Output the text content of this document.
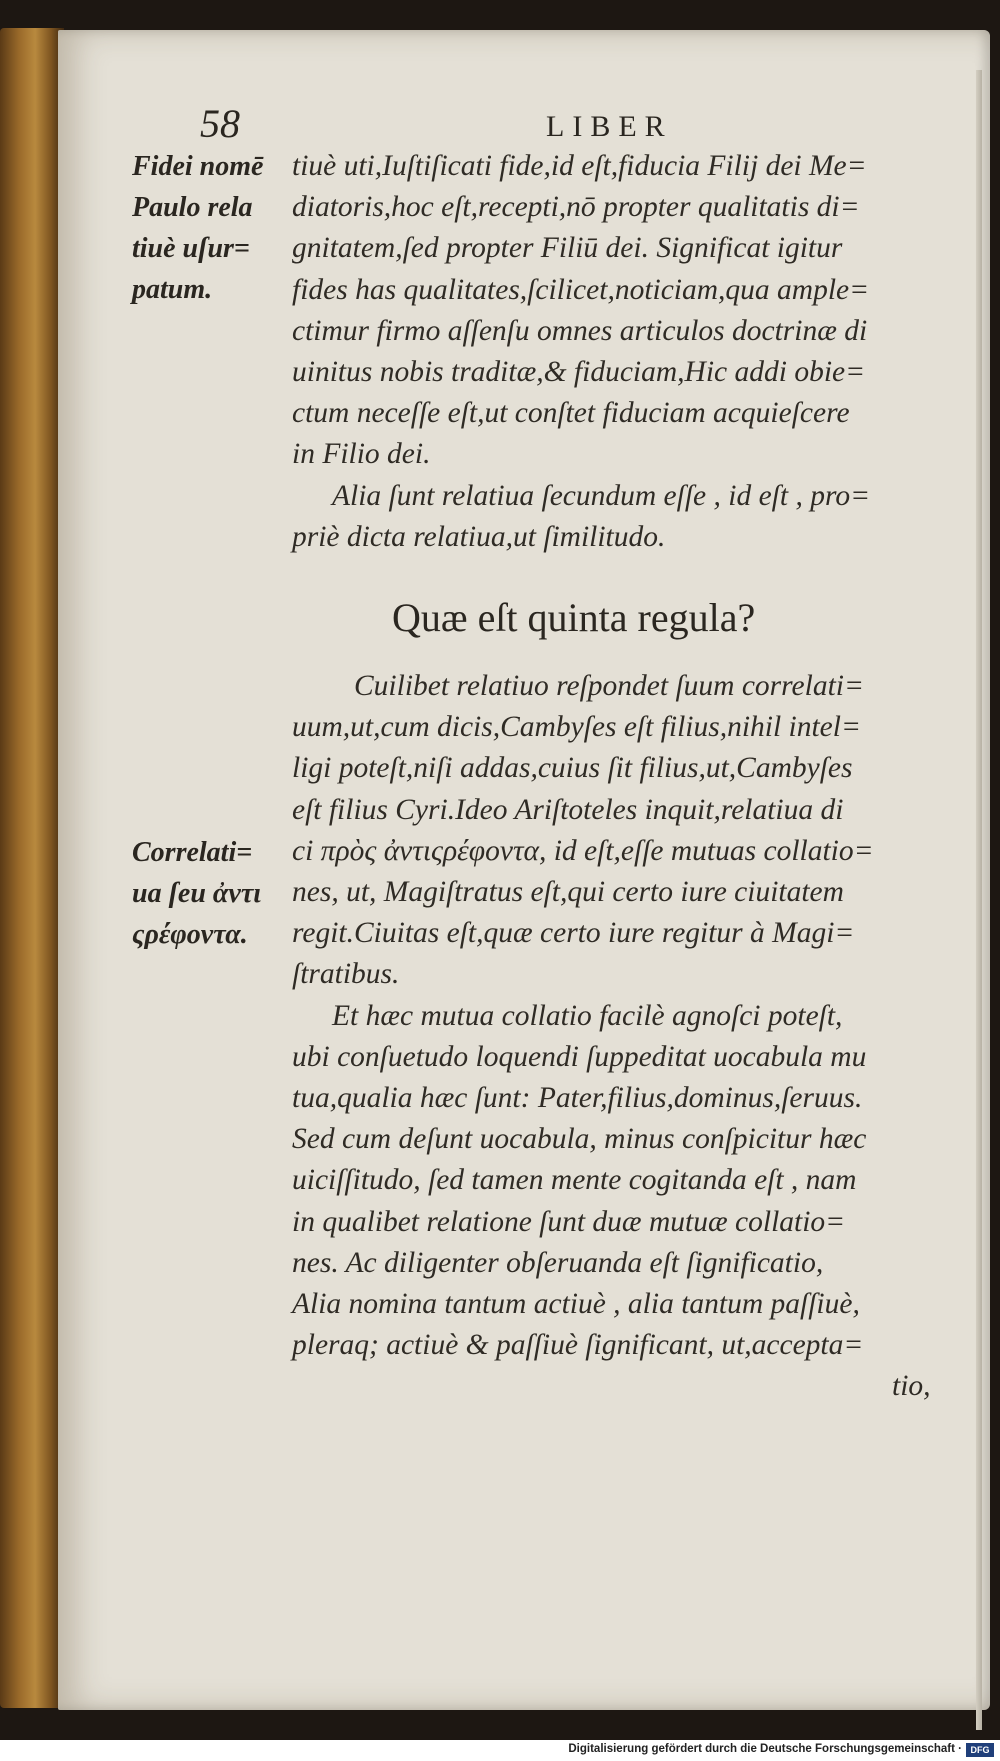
58	LIBER
Fidei nomē
Paulo rela
tiuè uſur=
patum.
tiuè uti,Iuſtiſicati fide,id eſt,fiducia Filij dei Me=
diatoris,hoc eſt,recepti,nō propter qualitatis di=
gnitatem,ſed propter Filiū dei. Significat igitur
fides has qualitates,ſcilicet,noticiam,qua ample=
ctimur firmo aſſenſu omnes articulos doctrinæ di
uinitus nobis traditæ,& fiduciam,Hic addi obie=
ctum neceſſe eſt,ut conſtet fiduciam acquieſcere
in Filio dei.
Alia ſunt relatiua ſecundum eſſe , id eſt , pro=
priè dicta relatiua,ut ſimilitudo.
Quæ eſt quinta regula?
Correlati=
ua ſeu ἀντι
ςρέφοντα.
Cuilibet relatiuo reſpondet ſuum correlati=
uum,ut,cum dicis,Cambyſes eſt filius,nihil intel=
ligi poteſt,niſi addas,cuius ſit filius,ut,Cambyſes
eſt filius Cyri.Ideo Ariſtoteles inquit,relatiua di
ci πρὸς ἀντιςρέφοντα, id eſt,eſſe mutuas collatio=
nes, ut, Magiſtratus eſt,qui certo iure ciuitatem
regit.Ciuitas eſt,quæ certo iure regitur à Magi=
ſtratibus.
Et hæc mutua collatio facilè agnoſci poteſt,
ubi conſuetudo loquendi ſuppeditat uocabula mu
tua,qualia hæc ſunt: Pater,filius,dominus,ſeruus.
Sed cum deſunt uocabula, minus conſpicitur hæc
uiciſſitudo, ſed tamen mente cogitanda eſt , nam
in qualibet relatione ſunt duæ mutuæ collatio=
nes. Ac diligenter obſeruanda eſt ſignificatio,
Alia nomina tantum actiuè , alia tantum paſſiuè,
pleraq; actiuè & paſſiuè ſignificant, ut,accepta=
tio,
Digitalisierung gefördert durch die Deutsche Forschungsgemeinschaft · DFG
